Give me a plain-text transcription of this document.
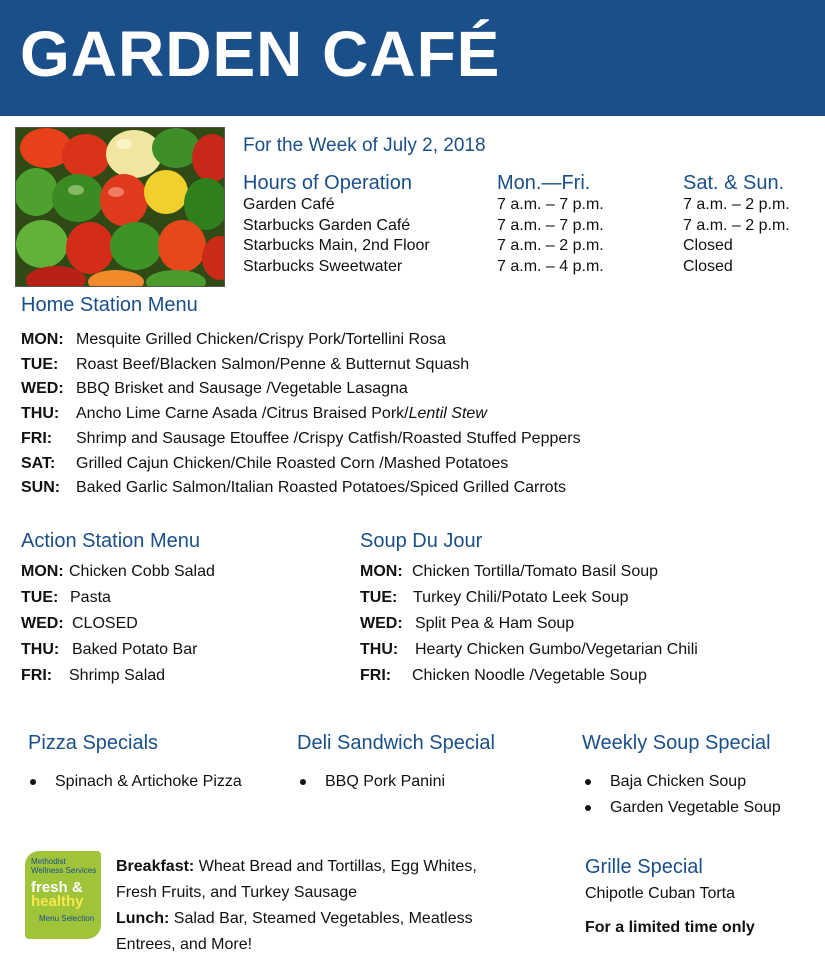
GARDEN CAFÉ
For the Week of July 2, 2018
Hours of Operation	Mon.—Fri.	Sat. & Sun.
Garden Café	7 a.m. – 7 p.m.	7 a.m. – 2 p.m.
Starbucks Garden Café	7 a.m. – 7 p.m.	7 a.m. – 2 p.m.
Starbucks Main, 2nd Floor	7 a.m. – 2 p.m.	Closed
Starbucks Sweetwater	7 a.m. – 4 p.m.	Closed
Home Station Menu
MON: Mesquite Grilled Chicken/Crispy Pork/Tortellini Rosa
TUE: Roast Beef/Blacken Salmon/Penne & Butternut Squash
WED: BBQ Brisket and Sausage /Vegetable Lasagna
THU: Ancho Lime Carne Asada /Citrus Braised Pork/Lentil Stew
FRI: Shrimp and Sausage Etouffee /Crispy Catfish/Roasted Stuffed Peppers
SAT: Grilled Cajun Chicken/Chile Roasted Corn /Mashed Potatoes
SUN: Baked Garlic Salmon/Italian Roasted Potatoes/Spiced Grilled Carrots
Action Station Menu
MON: Chicken Cobb Salad
TUE: Pasta
WED: CLOSED
THU: Baked Potato Bar
FRI: Shrimp Salad
Soup Du Jour
MON: Chicken Tortilla/Tomato Basil Soup
TUE: Turkey Chili/Potato Leek Soup
WED: Split Pea & Ham Soup
THU: Hearty Chicken Gumbo/Vegetarian Chili
FRI: Chicken Noodle /Vegetable Soup
Pizza Specials
Spinach & Artichoke Pizza
Deli Sandwich Special
BBQ Pork Panini
Weekly Soup Special
Baja Chicken Soup
Garden Vegetable Soup
Methodist
Wellness Services
fresh &
healthy
Menu Selection
Breakfast: Wheat Bread and Tortillas, Egg Whites,
Fresh Fruits, and Turkey Sausage
Lunch: Salad Bar, Steamed Vegetables, Meatless
Entrees, and More!
Grille Special
Chipotle Cuban Torta
For a limited time only
